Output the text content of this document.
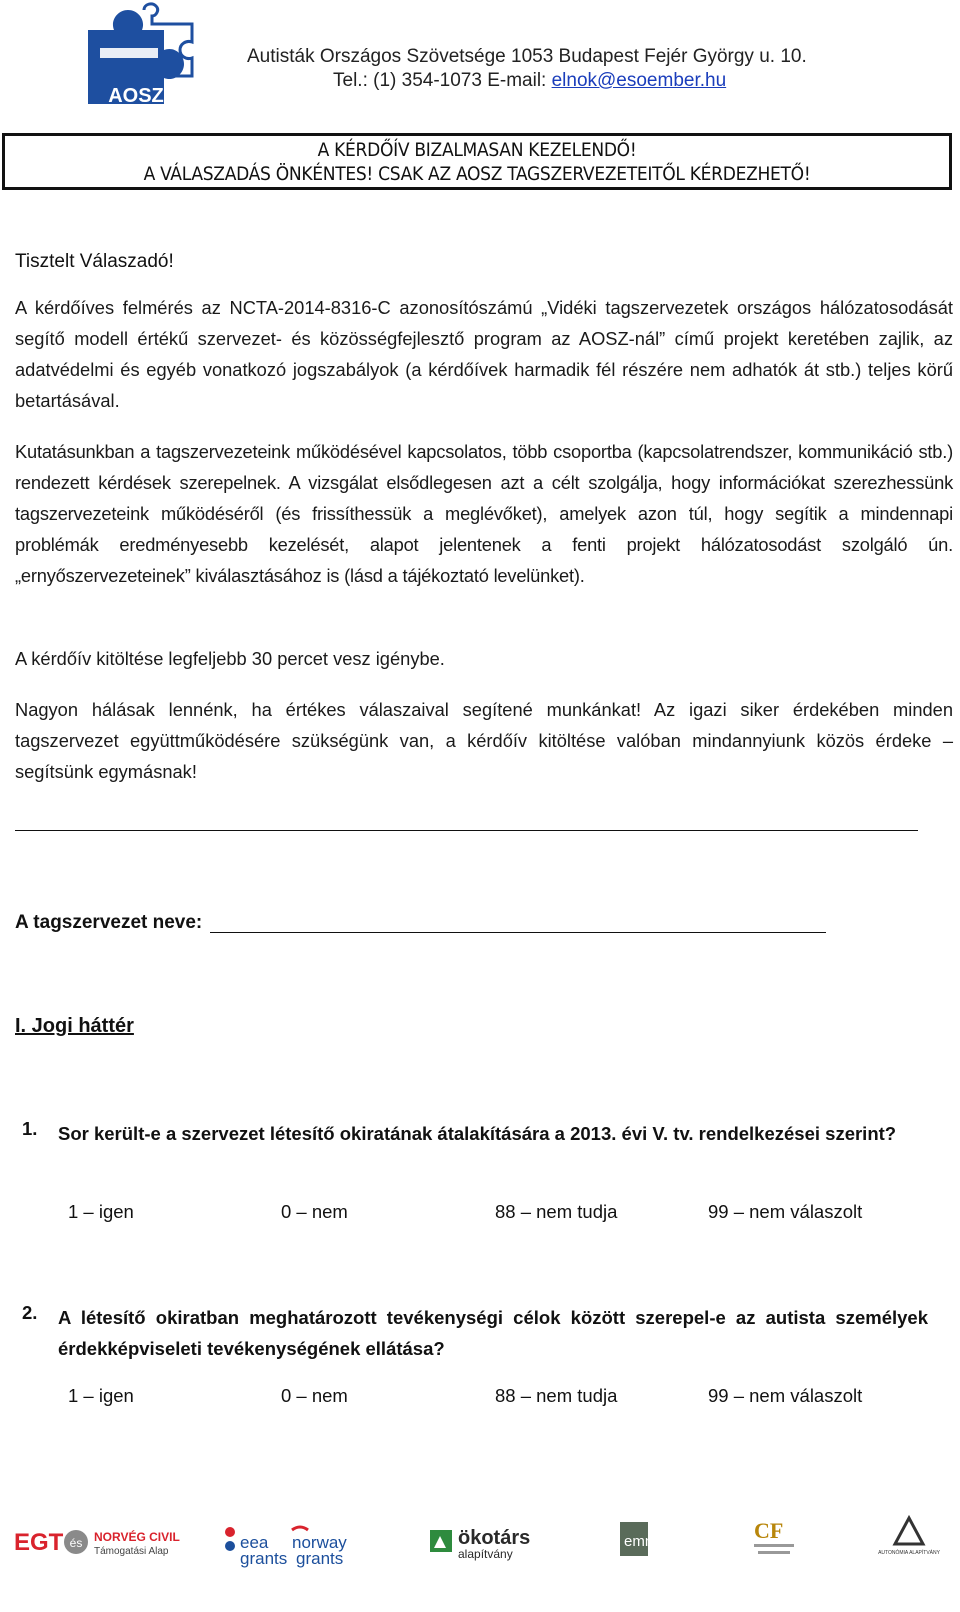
AOSZ
Autisták Országos Szövetsége 1053 Budapest Fejér György u. 10.
Tel.: (1) 354-1073 E-mail: elnok@esoember.hu
A KÉRDŐÍV BIZALMASAN KEZELENDŐ!
A VÁLASZADÁS ÖNKÉNTES! CSAK AZ AOSZ TAGSZERVEZETEITŐL KÉRDEZHETŐ!
Tisztelt Válaszadó!
A kérdőíves felmérés az NCTA-2014-8316-C azonosítószámú „Vidéki tagszervezetek országos hálózatosodását segítő modell értékű szervezet- és közösségfejlesztő program az AOSZ-nál” című projekt keretében zajlik, az adatvédelmi és egyéb vonatkozó jogszabályok (a kérdőívek harmadik fél részére nem adhatók át stb.) teljes körű betartásával.
Kutatásunkban a tagszervezeteink működésével kapcsolatos, több csoportba (kapcsolatrendszer, kommunikáció stb.) rendezett kérdések szerepelnek. A vizsgálat elsődlegesen azt a célt szolgálja, hogy információkat szerezhessünk tagszervezeteink működéséről (és frissíthessük a meglévőket), amelyek azon túl, hogy segítik a mindennapi problémák eredményesebb kezelését, alapot jelentenek a fenti projekt hálózatosodást szolgáló ún. „ernyőszervezeteinek” kiválasztásához is (lásd a tájékoztató levelünket).
A kérdőív kitöltése legfeljebb 30 percet vesz igénybe.
Nagyon hálásak lennénk, ha értékes válaszaival segítené munkánkat! Az igazi siker érdekében minden tagszervezet együttműködésére szükségünk van, a kérdőív kitöltése valóban mindannyiunk közös érdeke – segítsünk egymásnak!
A tagszervezet neve:
I. Jogi háttér
1. Sor került-e a szervezet létesítő okiratának átalakítására a 2013. évi V. tv. rendelkezései szerint?
1 – igen	0 – nem	88 – nem tudja	99 – nem válaszolt
2. A létesítő okiratban meghatározott tevékenységi célok között szerepel-e az autista személyek érdekképviseleti tevékenységének ellátása?
1 – igen	0 – nem	88 – nem tudja	99 – nem válaszolt
EGT és NORVÉG CIVIL
Támogatási Alap	eea
grants
norway
grants
ökotárs
alapítvány
emnet	CF
AUTONÓMIA ALAPÍTVÁNY
